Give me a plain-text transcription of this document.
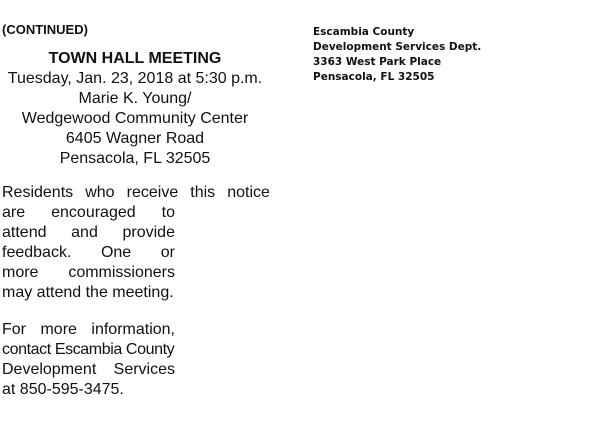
(CONTINUED)
TOWN HALL MEETING
Tuesday, Jan. 23, 2018 at 5:30 p.m.
Marie K. Young/
Wedgewood Community Center
6405 Wagner Road
Pensacola, FL 32505
Residents who receive this notice
are encouraged to
attend and provide
feedback. One or
more commissioners
may attend the meeting.
For more information,
contact Escambia County
Development Services
at 850-595-3475.
Escambia County
Development Services Dept.
3363 West Park Place
Pensacola, FL 32505
